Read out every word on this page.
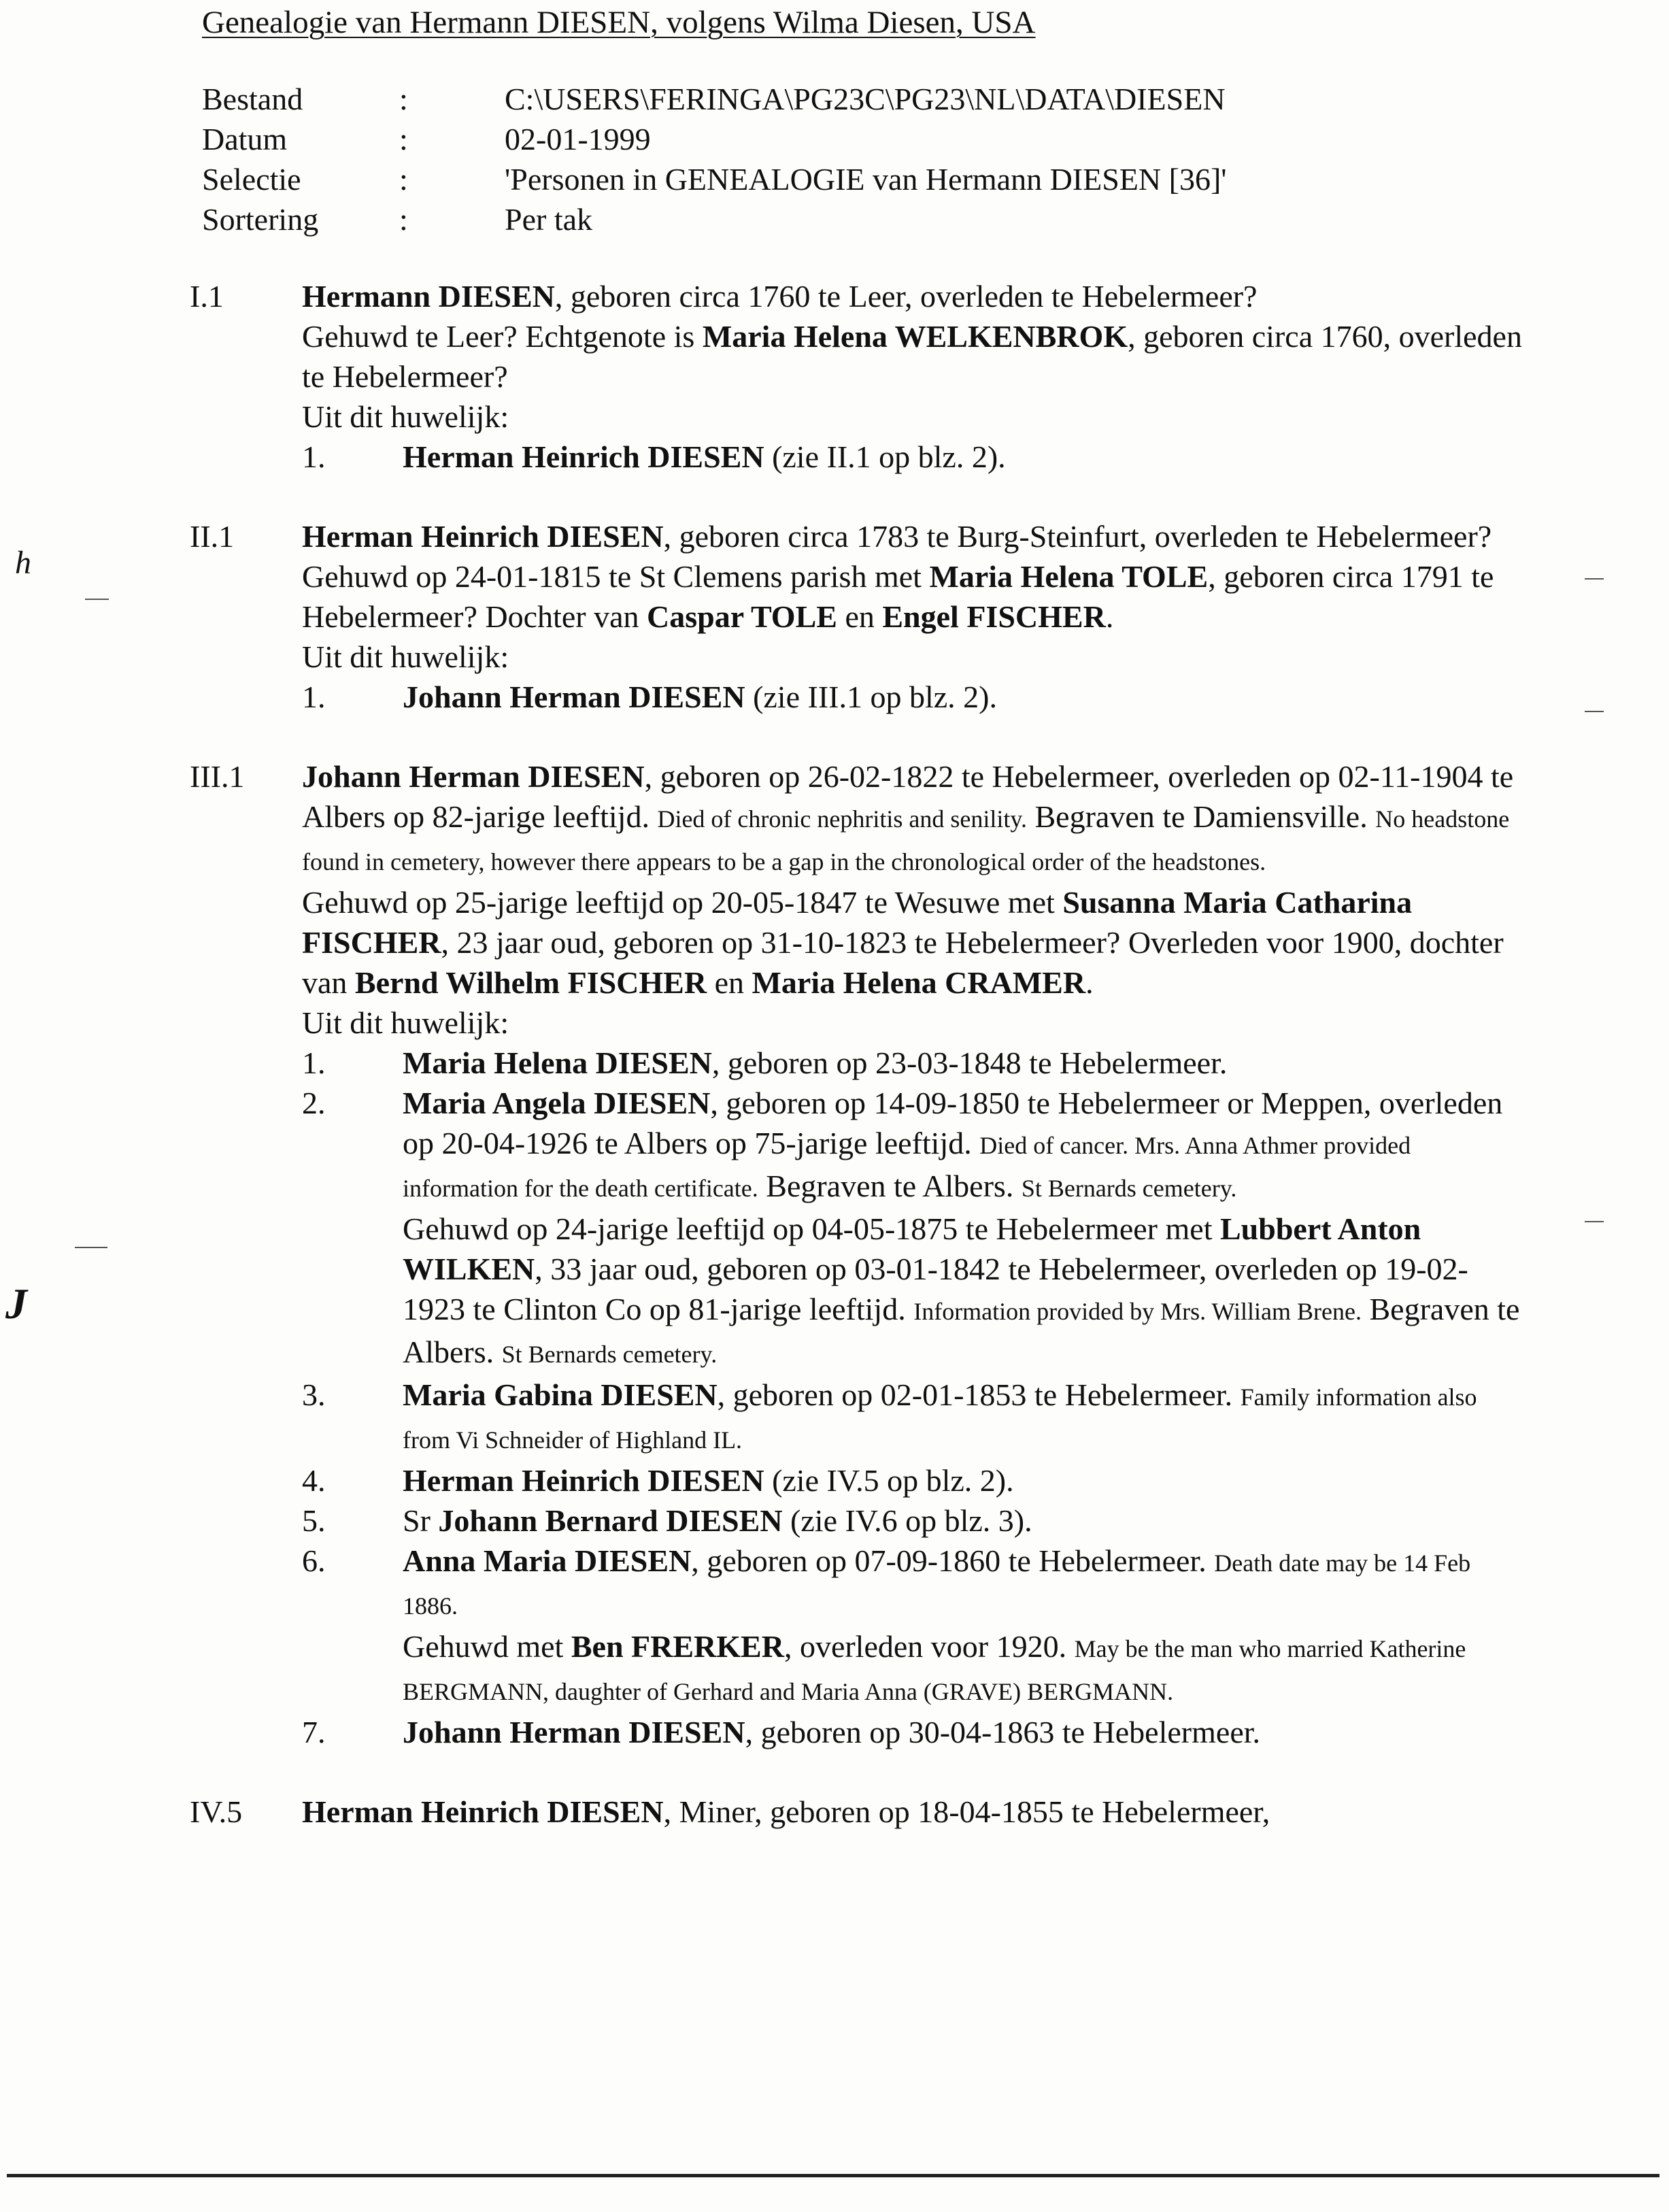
Genealogie van Hermann DIESEN, volgens Wilma Diesen, USA
Bestand	:	C:\USERS\FERINGA\PG23C\PG23\NL\DATA\DIESEN
Datum	:	02-01-1999
Selectie	:	'Personen in GENEALOGIE van Hermann DIESEN [36]'
Sortering	:	Per tak
I.1	Hermann DIESEN, geboren circa 1760 te Leer, overleden te Hebelermeer?

Gehuwd te Leer? Echtgenote is Maria Helena WELKENBROK, geboren circa 1760, overleden te Hebelermeer?

Uit dit huwelijk:

1. Herman Heinrich DIESEN (zie II.1 op blz. 2).

II.1 Herman Heinrich DIESEN, geboren circa 1783 te Burg-Steinfurt, overleden te Hebelermeer?

Gehuwd op 24-01-1815 te St Clemens parish met Maria Helena TOLE, geboren circa 1791 te Hebelermeer? Dochter van Caspar TOLE en Engel FISCHER.

Uit dit huwelijk:

1. Johann Herman DIESEN (zie III.1 op blz. 2).

III.1 Johann Herman DIESEN, geboren op 26-02-1822 te Hebelermeer, overleden op 02-11-1904 te Albers op 82-jarige leeftijd. Died of chronic nephritis and senility. Begraven te Damiensville. No headstone found in cemetery, however there appears to be a gap in the chronological order of the headstones.

Gehuwd op 25-jarige leeftijd op 20-05-1847 te Wesuwe met Susanna Maria Catharina FISCHER, 23 jaar oud, geboren op 31-10-1823 te Hebelermeer? Overleden voor 1900, dochter van Bernd Wilhelm FISCHER en Maria Helena CRAMER.

Uit dit huwelijk:

1. Maria Helena DIESEN, geboren op 23-03-1848 te Hebelermeer.

2. Maria Angela DIESEN, geboren op 14-09-1850 te Hebelermeer or Meppen, overleden op 20-04-1926 te Albers op 75-jarige leeftijd. Died of cancer. Mrs. Anna Athmer provided information for the death certificate. Begraven te Albers. St Bernards cemetery.

Gehuwd op 24-jarige leeftijd op 04-05-1875 te Hebelermeer met Lubbert Anton WILKEN, 33 jaar oud, geboren op 03-01-1842 te Hebelermeer, overleden op 19-02-1923 te Clinton Co op 81-jarige leeftijd. Information provided by Mrs. William Brene. Begraven te Albers. St Bernards cemetery.

3. Maria Gabina DIESEN, geboren op 02-01-1853 te Hebelermeer. Family information also from Vi Schneider of Highland IL.

4. Herman Heinrich DIESEN (zie IV.5 op blz. 2).

5. Sr Johann Bernard DIESEN (zie IV.6 op blz. 3).

6. Anna Maria DIESEN, geboren op 07-09-1860 te Hebelermeer. Death date may be 14 Feb 1886.

Gehuwd met Ben FRERKER, overleden voor 1920. May be the man who married Katherine BERGMANN, daughter of Gerhard and Maria Anna (GRAVE) BERGMANN.

7. Johann Herman DIESEN, geboren op 30-04-1863 te Hebelermeer.

IV.5 Herman Heinrich DIESEN, Miner, geboren op 18-04-1855 te Hebelermeer,

h
J
